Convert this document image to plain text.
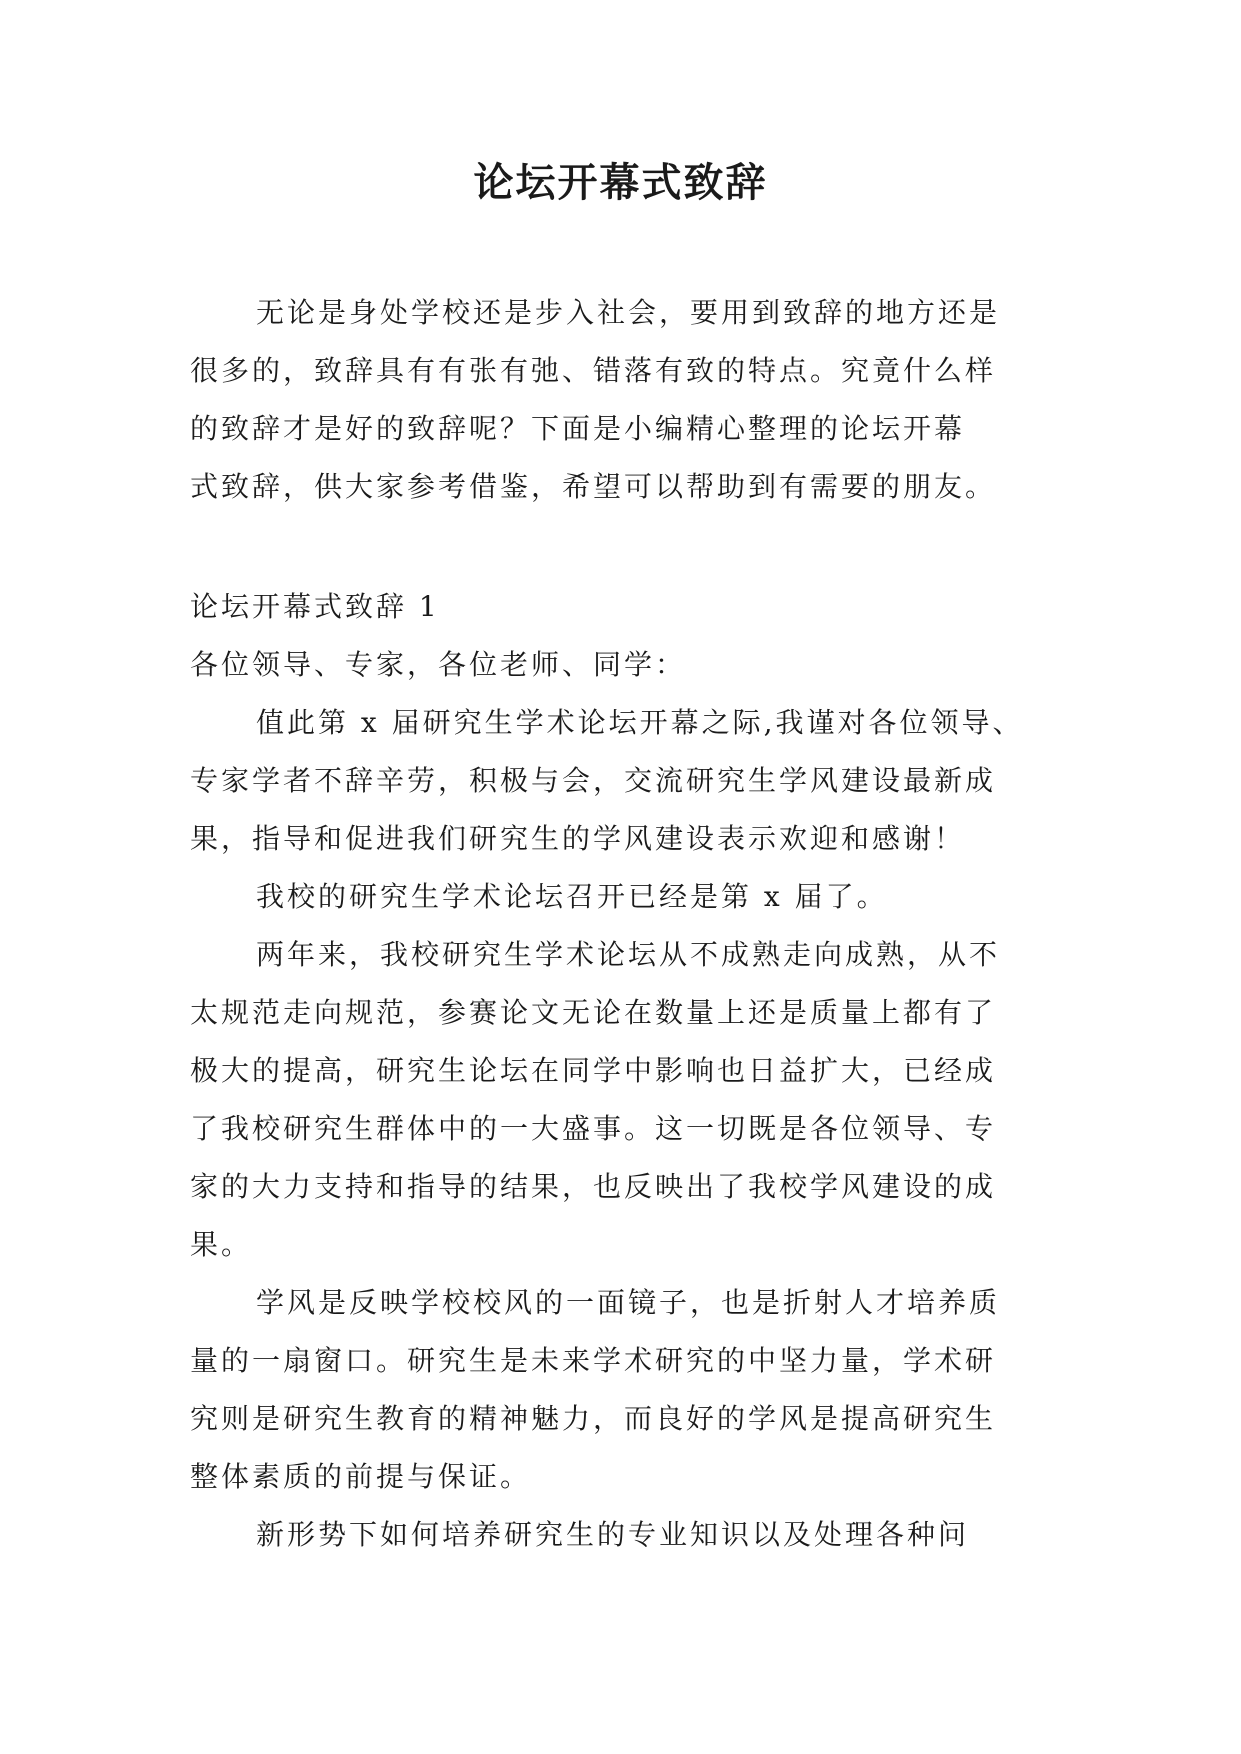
论坛开幕式致辞
无论是身处学校还是步入社会，要用到致辞的地方还是
很多的，致辞具有有张有弛、错落有致的特点。究竟什么样
的致辞才是好的致辞呢？下面是小编精心整理的论坛开幕
式致辞，供大家参考借鉴，希望可以帮助到有需要的朋友。
论坛开幕式致辞 1
各位领导、专家，各位老师、同学：
值此第 x 届研究生学术论坛开幕之际,我谨对各位领导、
专家学者不辞辛劳，积极与会，交流研究生学风建设最新成
果，指导和促进我们研究生的学风建设表示欢迎和感谢！
我校的研究生学术论坛召开已经是第 x 届了。
两年来，我校研究生学术论坛从不成熟走向成熟，从不
太规范走向规范，参赛论文无论在数量上还是质量上都有了
极大的提高，研究生论坛在同学中影响也日益扩大，已经成
了我校研究生群体中的一大盛事。这一切既是各位领导、专
家的大力支持和指导的结果，也反映出了我校学风建设的成
果。
学风是反映学校校风的一面镜子，也是折射人才培养质
量的一扇窗口。研究生是未来学术研究的中坚力量，学术研
究则是研究生教育的精神魅力，而良好的学风是提高研究生
整体素质的前提与保证。
新形势下如何培养研究生的专业知识以及处理各种问
